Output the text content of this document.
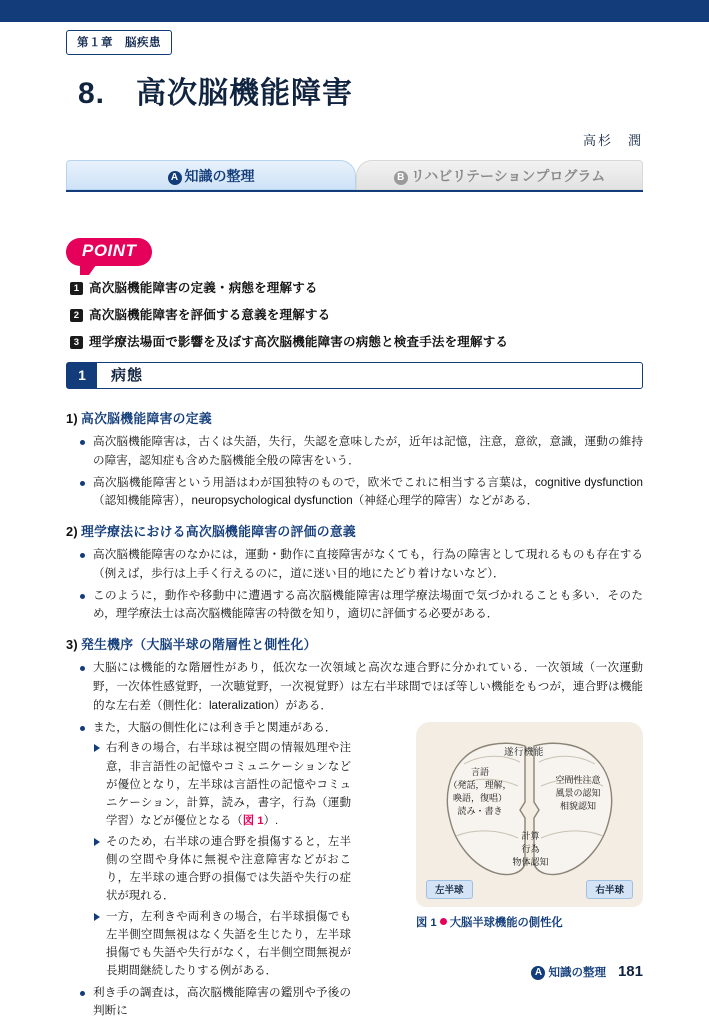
第１章　脳疾患
8.　高次脳機能障害
高杉　潤
A 知識の整理	B リハビリテーションプログラム
POINT
1 高次脳機能障害の定義・病態を理解する
2 高次脳機能障害を評価する意義を理解する
3 理学療法場面で影響を及ぼす高次脳機能障害の病態と検査手法を理解する
1	病態
1) 高次脳機能障害の定義
高次脳機能障害は，古くは失語，失行，失認を意味したが，近年は記憶，注意，意欲，意識，運動の維持の障害，認知症も含めた脳機能全般の障害をいう．
高次脳機能障害という用語はわが国独特のもので，欧米でこれに相当する言葉は，cognitive dysfunction（認知機能障害），neuropsychological dysfunction（神経心理学的障害）などがある．
2) 理学療法における高次脳機能障害の評価の意義
高次脳機能障害のなかには，運動・動作に直接障害がなくても，行為の障害として現れるものも存在する（例えば，歩行は上手く行えるのに，道に迷い目的地にたどり着けないなど）．
このように，動作や移動中に遭遇する高次脳機能障害は理学療法場面で気づかれることも多い．そのため，理学療法士は高次脳機能障害の特徴を知り，適切に評価する必要がある．
3) 発生機序（大脳半球の階層性と側性化）
大脳には機能的な階層性があり，低次な一次領域と高次な連合野に分かれている．一次領域（一次運動野，一次体性感覚野，一次聴覚野，一次視覚野）は左右半球間でほぼ等しい機能をもつが，連合野は機能的な左右差（側性化：lateralization）がある．
また，大脳の側性化には利き手と関連がある．
右利きの場合，右半球は視空間の情報処理や注意，非言語性の記憶やコミュニケーションなどが優位となり，左半球は言語性の記憶やコミュニケーション，計算，読み，書字，行為（運動学習）などが優位となる（図 1）.
そのため，右半球の連合野を損傷すると，左半側の空間や身体に無視や注意障害などがおこり，左半球の連合野の損傷では失語や失行の症状が現れる．
一方，左利きや両利きの場合，右半球損傷でも左半側空間無視はなく失語を生じたり，左半球損傷でも失語や失行がなく，右半側空間無視が長期間継続したりする例がある．
利き手の調査は，高次脳機能障害の鑑別や予後の判断に
遂行機能
言語
（発話，理解，
喚語，復唱）
読み・書き
空間性注意
風景の認知
相貌認知
計算
行為
物体認知
左半球	右半球
図 1 大脳半球機能の側性化
A 知識の整理 181
